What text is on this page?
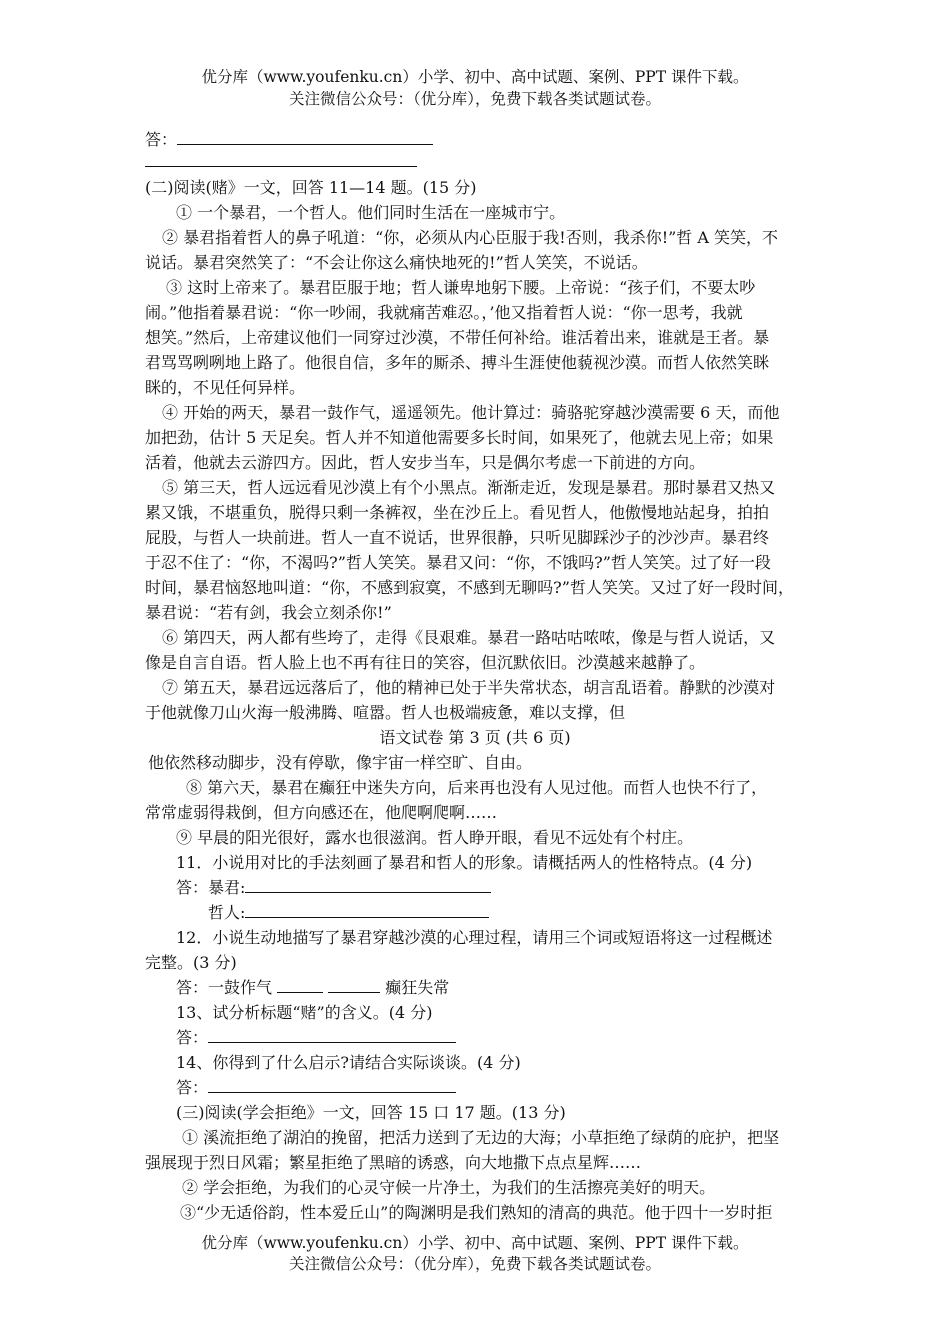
优分库（www.youfenku.cn）小学、初中、高中试题、案例、PPT 课件下载。
关注微信公众号：（优分库），免费下载各类试题试卷。
答：
(二)阅读(赌》一文，回答 11—14 题。(15 分)
① 一个暴君，一个哲人。他们同时生活在一座城市宁。
② 暴君指着哲人的鼻子吼道：“你，必须从内心臣服于我!否则，我杀你!”哲 A 笑笑，不
说话。暴君突然笑了：“不会让你这么痛快地死的!”哲人笑笑，不说话。
③ 这时上帝来了。暴君臣服于地；哲人谦卑地躬下腰。上帝说：“孩子们，不要太吵
闹。”他指着暴君说：“你一吵闹，我就痛苦难忍。，’他又指着哲人说：“你一思考，我就
想笑。”然后，上帝建议他们一同穿过沙漠，不带任何补给。谁活着出来，谁就是王者。暴
君骂骂咧咧地上路了。他很自信，多年的厮杀、搏斗生涯使他藐视沙漠。而哲人依然笑眯
眯的，不见任何异样。
④ 开始的两天，暴君一鼓作气，遥遥领先。他计算过：骑骆驼穿越沙漠需要 6 天，而他
加把劲，估计 5 天足矣。哲人并不知道他需要多长时间，如果死了，他就去见上帝；如果
活着，他就去云游四方。因此，哲人安步当车，只是偶尔考虑一下前进的方向。
⑤ 第三天，哲人远远看见沙漠上有个小黑点。渐渐走近，发现是暴君。那时暴君又热又
累又饿，不堪重负，脱得只剩一条裤衩，坐在沙丘上。看见哲人，他傲慢地站起身，拍拍
屁股，与哲人一块前进。哲人一直不说话，世界很静，只听见脚踩沙子的沙沙声。暴君终
于忍不住了：“你，不渴吗?”哲人笑笑。暴君又问：“你，不饿吗?”哲人笑笑。过了好一段
时间，暴君恼怒地叫道：“你，不感到寂寞，不感到无聊吗?”哲人笑笑。又过了好一段时间，
暴君说：“若有剑，我会立刻杀你!”
⑥ 第四天，两人都有些垮了，走得《艮艰难。暴君一路咕咕哝哝，像是与哲人说话，又
像是自言自语。哲人脸上也不再有往日的笑容，但沉默依旧。沙漠越来越静了。
⑦ 第五天，暴君远远落后了，他的精神已处于半失常状态，胡言乱语着。静默的沙漠对
于他就像刀山火海一般沸腾、喧嚣。哲人也极端疲惫，难以支撑，但
语文试卷 第 3 页 (共 6 页)
他依然移动脚步，没有停歇，像宇宙一样空旷、自由。
⑧ 第六天，暴君在癫狂中迷失方向，后来再也没有人见过他。而哲人也快不行了，
常常虚弱得栽倒，但方向感还在，他爬啊爬啊……
⑨ 早晨的阳光很好，露水也很滋润。哲人睁开眼，看见不远处有个村庄。
11．小说用对比的手法刻画了暴君和哲人的形象。请概括两人的性格特点。(4 分)
答：暴君:
哲人:
12．小说生动地描写了暴君穿越沙漠的心理过程，请用三个词或短语将这一过程概述
完整。(3 分)
答：一鼓作气	癫狂失常
13、试分析标题“赌”的含义。(4 分)
答：
14、你得到了什么启示?请结合实际谈谈。(4 分)
答：
(三)阅读(学会拒绝》一文，回答 15 口 17 题。(13 分)
① 溪流拒绝了湖泊的挽留，把活力送到了无边的大海；小草拒绝了绿荫的庇护，把坚
强展现于烈日风霜；繁星拒绝了黑暗的诱惑，向大地撒下点点星辉……
② 学会拒绝，为我们的心灵守候一片净土，为我们的生活擦亮美好的明天。
③“少无适俗韵，性本爱丘山”的陶渊明是我们熟知的清高的典范。他于四十一岁时拒
优分库（www.youfenku.cn）小学、初中、高中试题、案例、PPT 课件下载。
关注微信公众号：（优分库），免费下载各类试题试卷。
